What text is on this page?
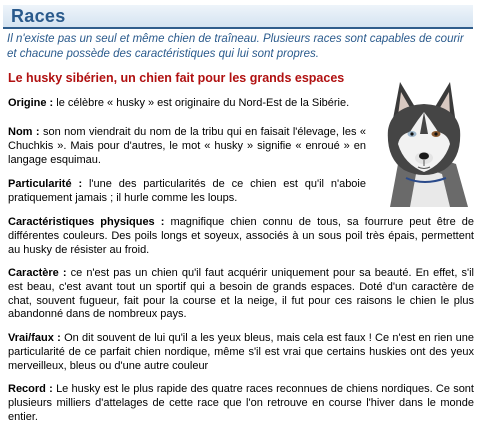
Races
Il n'existe pas un seul et même chien de traîneau. Plusieurs races sont capables de courir et chacune possède des caractéristiques qui lui sont propres.
Le husky sibérien, un chien fait pour les grands espaces
Origine : le célèbre « husky » est originaire du Nord-Est de la Sibérie.
Nom : son nom viendrait du nom de la tribu qui en faisait l'élevage, les « Chuchkis ». Mais pour d'autres, le mot « husky » signifie « enroué » en langage esquimau.
Particularité : l'une des particularités de ce chien est qu'il n'aboie pratiquement jamais ; il hurle comme les loups.
Caractéristiques physiques : magnifique chien connu de tous, sa fourrure peut être de différentes couleurs. Des poils longs et soyeux, associés à un sous poil très épais, permettent au husky de résister au froid.
Caractère : ce n'est pas un chien qu'il faut acquérir uniquement pour sa beauté. En effet, s'il est beau, c'est avant tout un sportif qui a besoin de grands espaces. Doté d'un caractère de chat, souvent fugueur, fait pour la course et la neige, il fut pour ces raisons le chien le plus abandonné dans de nombreux pays.
Vrai/faux : On dit souvent de lui qu'il a les yeux bleus, mais cela est faux ! Ce n'est en rien une particularité de ce parfait chien nordique, même s'il est vrai que certains huskies ont des yeux merveilleux, bleus ou d'une autre couleur
Record : Le husky est le plus rapide des quatre races reconnues de chiens nordiques. Ce sont plusieurs milliers d'attelages de cette race que l'on retrouve en course l'hiver dans le monde entier.
